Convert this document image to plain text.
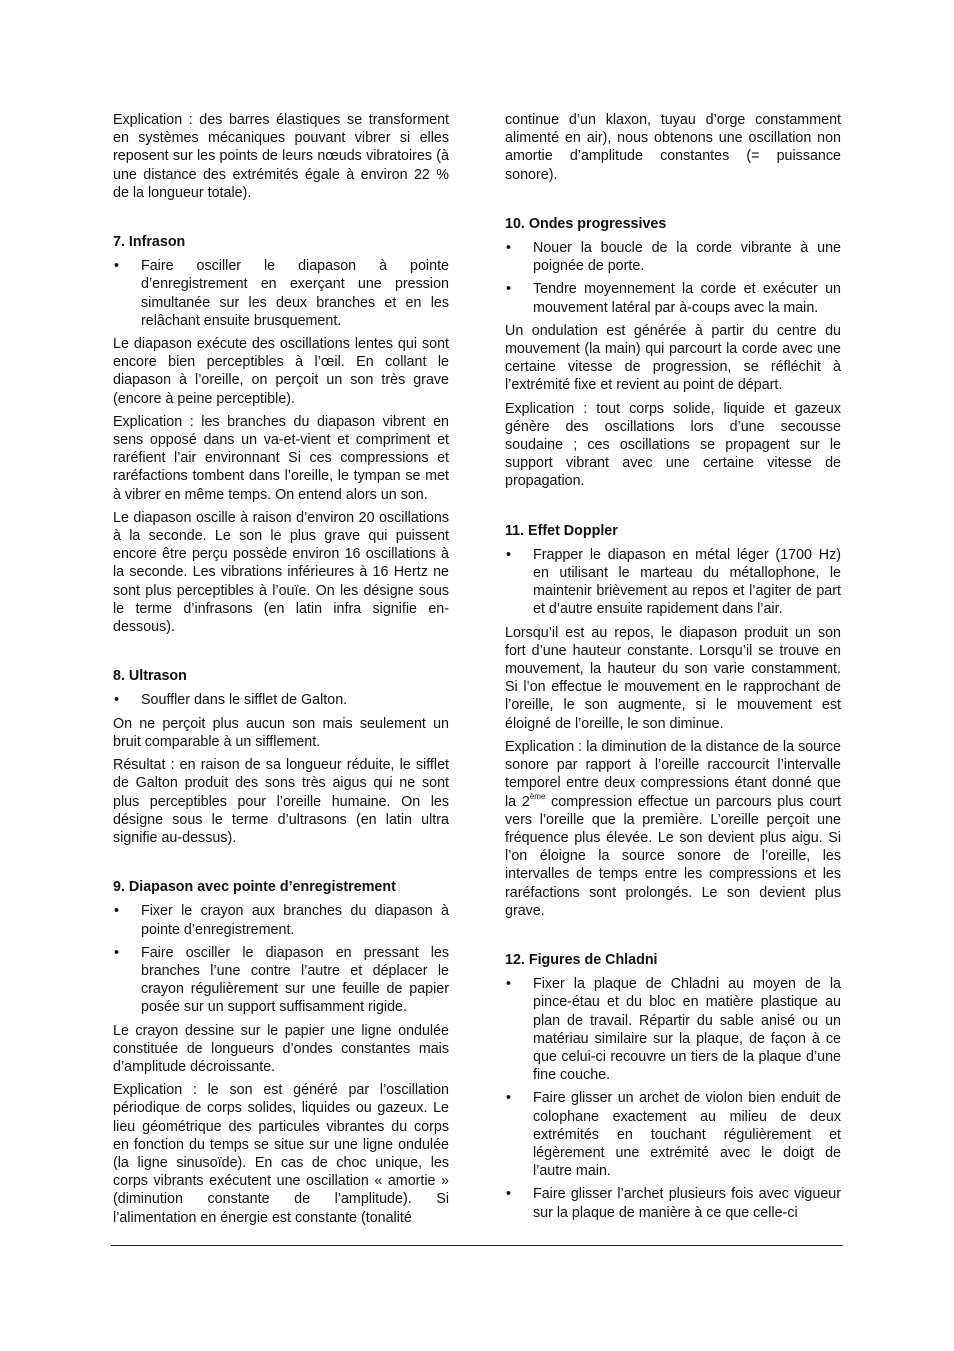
Explication : des barres élastiques se transforment en systèmes mécaniques pouvant vibrer si elles reposent sur les points de leurs nœuds vibratoires (à une distance des extrémités égale à environ 22 % de la longueur totale).

7. Infrason
• Faire osciller le diapason à pointe d’enregistrement en exerçant une pression simultanée sur les deux branches et en les relâchant ensuite brusquement.

Le diapason exécute des oscillations lentes qui sont encore bien perceptibles à l’œil. En collant le diapason à l’oreille, on perçoit un son très grave (encore à peine perceptible).

Explication : les branches du diapason vibrent en sens opposé dans un va-et-vient et compriment et raréfient l’air environnant Si ces compressions et raréfactions tombent dans l’oreille, le tympan se met à vibrer en même temps. On entend alors un son.

Le diapason oscille à raison d’environ 20 oscillations à la seconde. Le son le plus grave qui puissent encore être perçu possède environ 16 oscillations à la seconde. Les vibrations inférieures à 16 Hertz ne sont plus perceptibles à l’ouïe. On les désigne sous le terme d’infrasons (en latin infra signifie en-dessous).

8. Ultrason
• Souffler dans le sifflet de Galton.

On ne perçoit plus aucun son mais seulement un bruit comparable à un sifflement.

Résultat : en raison de sa longueur réduite, le sifflet de Galton produit des sons très aigus qui ne sont plus perceptibles pour l’oreille humaine. On les désigne sous le terme d’ultrasons (en latin ultra signifie au-dessus).

9. Diapason avec pointe d’enregistrement
• Fixer le crayon aux branches du diapason à pointe d’enregistrement.
• Faire osciller le diapason en pressant les branches l’une contre l’autre et déplacer le crayon régulièrement sur une feuille de papier posée sur un support suffisamment rigide.

Le crayon dessine sur le papier une ligne ondulée constituée de longueurs d’ondes constantes mais d’amplitude décroissante.

Explication : le son est généré par l’oscillation périodique de corps solides, liquides ou gazeux. Le lieu géométrique des particules vibrantes du corps en fonction du temps se situe sur une ligne ondulée (la ligne sinusoïde). En cas de choc unique, les corps vibrants exécutent une oscillation « amortie » (diminution constante de l’amplitude). Si l’alimentation en énergie est constante (tonalité

continue d’un klaxon, tuyau d’orge constamment alimenté en air), nous obtenons une oscillation non amortie d’amplitude constantes (= puissance sonore).

10. Ondes progressives
• Nouer la boucle de la corde vibrante à une poignée de porte.
• Tendre moyennement la corde et exécuter un mouvement latéral par à-coups avec la main.

Un ondulation est générée à partir du centre du mouvement (la main) qui parcourt la corde avec une certaine vitesse de progression, se réfléchit à l’extrémité fixe et revient au point de départ.

Explication : tout corps solide, liquide et gazeux génère des oscillations lors d’une secousse soudaine ; ces oscillations se propagent sur le support vibrant avec une certaine vitesse de propagation.

11. Effet Doppler
• Frapper le diapason en métal léger (1700 Hz) en utilisant le marteau du métallophone, le maintenir brièvement au repos et l’agiter de part et d’autre ensuite rapidement dans l’air.

Lorsqu’il est au repos, le diapason produit un son fort d’une hauteur constante. Lorsqu’il se trouve en mouvement, la hauteur du son varie constamment. Si l’on effectue le mouvement en le rapprochant de l’oreille, le son augmente, si le mouvement est éloigné de l’oreille, le son diminue.

Explication : la diminution de la distance de la source sonore par rapport à l’oreille raccourcit l’intervalle temporel entre deux compressions étant donné que la 2ème compression effectue un parcours plus court vers l’oreille que la première. L’oreille perçoit une fréquence plus élevée. Le son devient plus aigu. Si l’on éloigne la source sonore de l’oreille, les intervalles de temps entre les compressions et les raréfactions sont prolongés. Le son devient plus grave.

12. Figures de Chladni
• Fixer la plaque de Chladni au moyen de la pince-étau et du bloc en matière plastique au plan de travail. Répartir du sable anisé ou un matériau similaire sur la plaque, de façon à ce que celui-ci recouvre un tiers de la plaque d’une fine couche.
• Faire glisser un archet de violon bien enduit de colophane exactement au milieu de deux extrémités en touchant régulièrement et légèrement une extrémité avec le doigt de l’autre main.
• Faire glisser l’archet plusieurs fois avec vigueur sur la plaque de manière à ce que celle-ci
